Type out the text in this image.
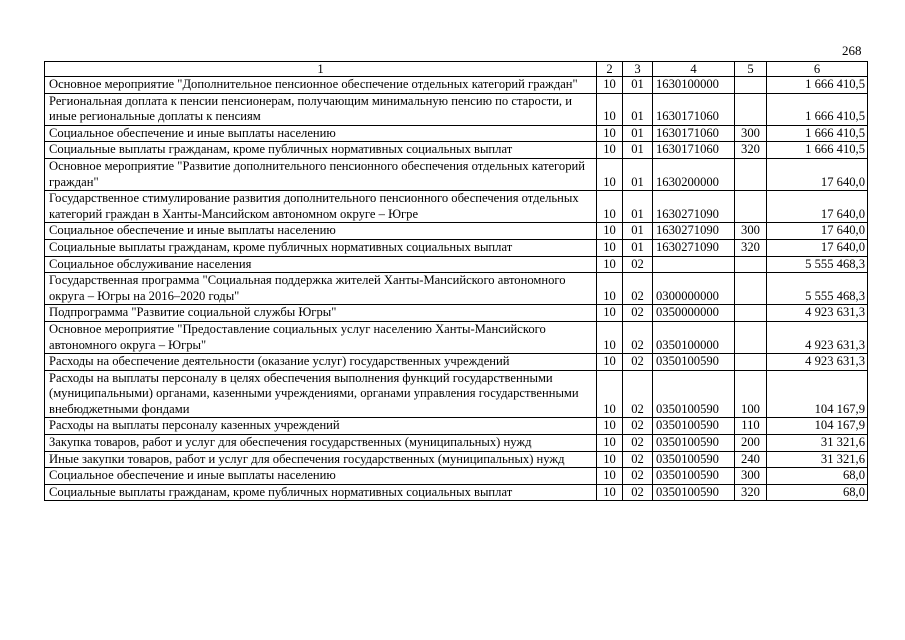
268
1	2	3	4	5	6
Основное мероприятие "Дополнительное пенсионное обеспечение отдельных категорий граждан"	10	01	1630100000		1 666 410,5
Региональная доплата к пенсии пенсионерам, получающим минимальную пенсию по старости, и иные региональные доплаты к пенсиям	10	01	1630171060		1 666 410,5
Социальное обеспечение и иные выплаты населению	10	01	1630171060	300	1 666 410,5
Социальные выплаты гражданам, кроме публичных нормативных социальных выплат	10	01	1630171060	320	1 666 410,5
Основное мероприятие "Развитие дополнительного пенсионного обеспечения отдельных категорий граждан"	10	01	1630200000		17 640,0
Государственное стимулирование развития дополнительного пенсионного обеспечения отдельных категорий граждан в Ханты-Мансийском автономном округе – Югре	10	01	1630271090		17 640,0
Социальное обеспечение и иные выплаты населению	10	01	1630271090	300	17 640,0
Социальные выплаты гражданам, кроме публичных нормативных социальных выплат	10	01	1630271090	320	17 640,0
Социальное обслуживание населения	10	02			5 555 468,3
Государственная программа "Социальная поддержка жителей Ханты-Мансийского автономного округа – Югры на 2016–2020 годы"	10	02	0300000000		5 555 468,3
Подпрограмма "Развитие социальной службы Югры"	10	02	0350000000		4 923 631,3
Основное мероприятие "Предоставление социальных услуг населению Ханты-Мансийского автономного округа – Югры"	10	02	0350100000		4 923 631,3
Расходы на обеспечение деятельности (оказание услуг) государственных учреждений	10	02	0350100590		4 923 631,3
Расходы на выплаты персоналу в целях обеспечения выполнения функций государственными (муниципальными) органами, казенными учреждениями, органами управления государственными внебюджетными фондами	10	02	0350100590	100	104 167,9
Расходы на выплаты персоналу казенных учреждений	10	02	0350100590	110	104 167,9
Закупка товаров, работ и услуг для обеспечения государственных (муниципальных) нужд	10	02	0350100590	200	31 321,6
Иные закупки товаров, работ и услуг для обеспечения государственных (муниципальных) нужд	10	02	0350100590	240	31 321,6
Социальное обеспечение и иные выплаты населению	10	02	0350100590	300	68,0
Социальные выплаты гражданам, кроме публичных нормативных социальных выплат	10	02	0350100590	320	68,0
